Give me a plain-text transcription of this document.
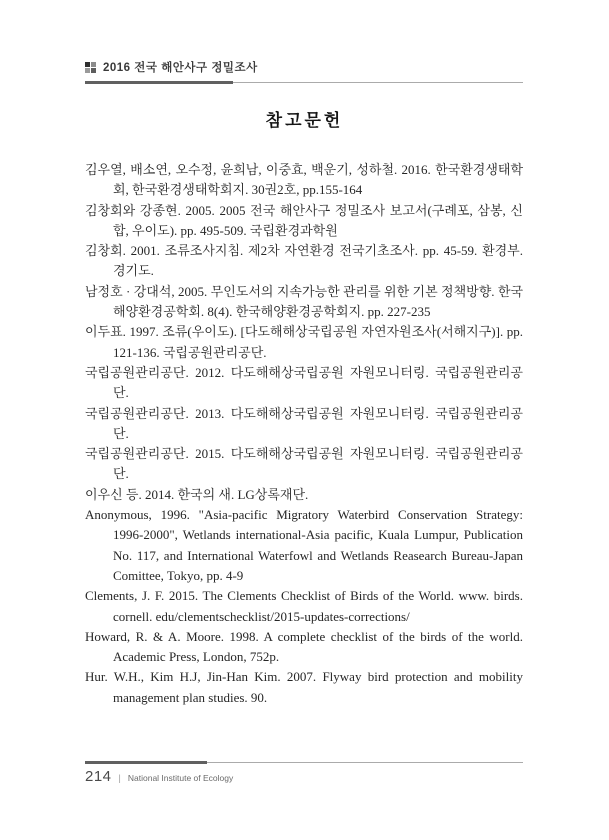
2016 전국 해안사구 정밀조사
참고문헌

김우열, 배소연, 오수정, 윤희남, 이중효, 백운기, 성하철. 2016. 한국환경생태학회, 한국환경생태학회지. 30권2호, pp.155-164

김창회와 강종현. 2005. 2005 전국 해안사구 정밀조사 보고서(구례포, 삼봉, 신합, 우이도). pp. 495-509. 국립환경과학원

김창회. 2001. 조류조사지침. 제2차 자연환경 전국기초조사. pp. 45-59. 환경부. 경기도.

남정호 · 강대석, 2005. 무인도서의 지속가능한 관리를 위한 기본 정책방향. 한국해양환경공학회. 8(4). 한국해양환경공학회지. pp. 227-235

이두표. 1997. 조류(우이도). [다도해해상국립공원 자연자원조사(서해지구)]. pp. 121-136. 국립공원관리공단.

국립공원관리공단. 2012. 다도해해상국립공원 자원모니터링. 국립공원관리공단.

국립공원관리공단. 2013. 다도해해상국립공원 자원모니터링. 국립공원관리공단.

국립공원관리공단. 2015. 다도해해상국립공원 자원모니터링. 국립공원관리공단.

이우신 등. 2014. 한국의 새. LG상록재단.

Anonymous, 1996. "Asia-pacific Migratory Waterbird Conservation Strategy: 1996-2000", Wetlands international-Asia pacific, Kuala Lumpur, Publication No. 117, and International Waterfowl and Wetlands Reasearch Bureau-Japan Comittee, Tokyo, pp. 4-9

Clements, J. F. 2015. The Clements Checklist of Birds of the World. www. birds. cornell. edu/clementschecklist/2015-updates-corrections/

Howard, R. & A. Moore. 1998. A complete checklist of the birds of the world. Academic Press, London, 752p.

Hur. W.H., Kim H.J, Jin-Han Kim. 2007. Flyway bird protection and mobility management plan studies. 90.

214 | National Institute of Ecology
